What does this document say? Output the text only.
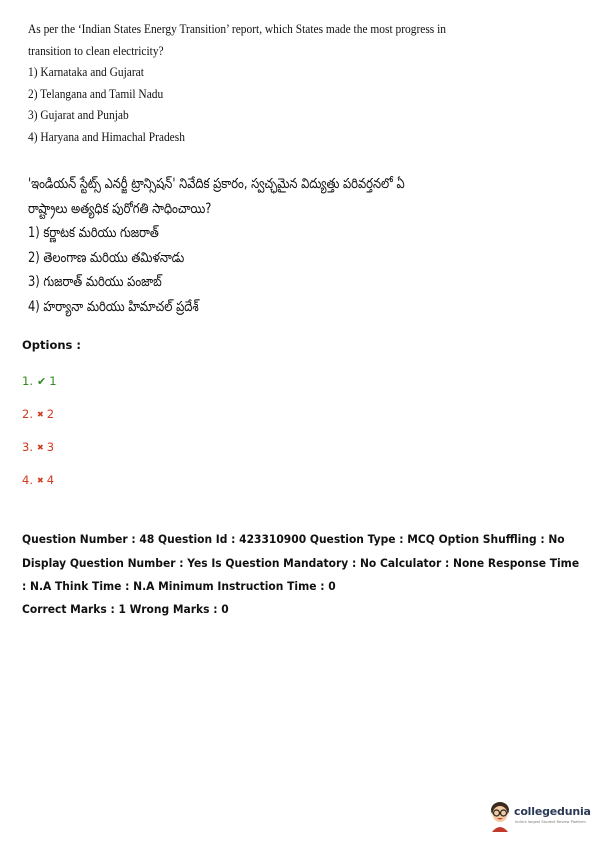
As per the ‘Indian States Energy Transition’ report, which States made the most progress in
transition to clean electricity?
1) Karnataka and Gujarat
2) Telangana and Tamil Nadu
3) Gujarat and Punjab
4) Haryana and Himachal Pradesh
'ఇండియన్ స్టేట్స్ ఎనర్జీ ట్రాన్సిషన్' నివేదిక ప్రకారం, స్వచ్ఛమైన విద్యుత్తు పరివర్తనలో ఏ
రాష్ట్రాలు అత్యధిక పురోగతి సాధించాయి?
1) కర్ణాటక మరియు గుజరాత్
2) తెలంగాణ మరియు తమిళనాడు
3) గుజరాత్ మరియు పంజాబ్
4) హర్యానా మరియు హిమాచల్ ప్రదేశ్
Options :
1. ✔ 1
2. ✖ 2
3. ✖ 3
4. ✖ 4
Question Number : 48 Question Id : 423310900 Question Type : MCQ Option Shuffling : No
Display Question Number : Yes Is Question Mandatory : No Calculator : None Response Time
: N.A Think Time : N.A Minimum Instruction Time : 0
Correct Marks : 1 Wrong Marks : 0
collegedunia
India's largest Student Review Platform
